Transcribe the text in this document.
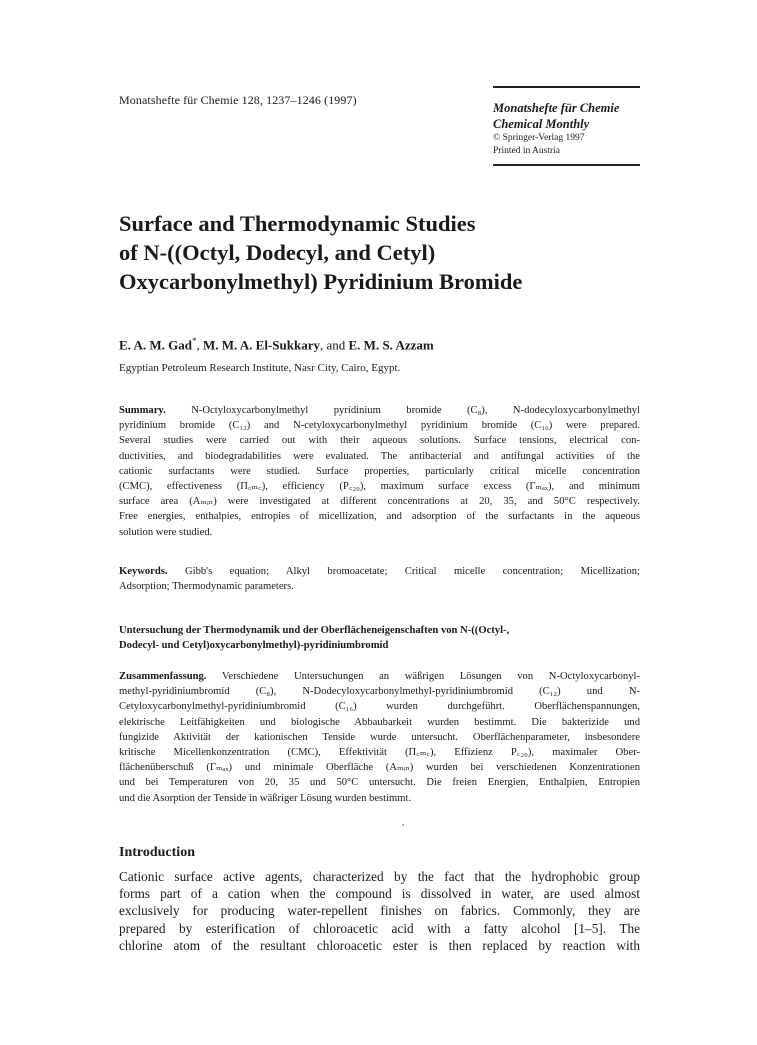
Monatshefte für Chemie 128, 1237–1246 (1997)
Monatshefte für Chemie
Chemical Monthly
© Springer-Verlag 1997
Printed in Austria
Surface and Thermodynamic Studies
of N-((Octyl, Dodecyl, and Cetyl)
Oxycarbonylmethyl) Pyridinium Bromide
E. A. M. Gad*, M. M. A. El-Sukkary, and E. M. S. Azzam
Egyptian Petroleum Research Institute, Nasr City, Cairo, Egypt.
Summary. N-Octyloxycarbonylmethyl pyridinium bromide (C₈), N-dodecyloxycarbonylmethyl
pyridinium bromide (C₁₂) and N-cetyloxycarbonylmethyl pyridinium bromide (C₁₆) were prepared.
Several studies were carried out with their aqueous solutions. Surface tensions, electrical con-
ductivities, and biodegradabilities were evaluated. The antibacterial and antifungal activities of the
cationic surfactants were studied. Surface properties, particularly critical micelle concentration
(CMC), effectiveness (Π꜀ₘ꜀), efficiency (P꜀₂₀), maximum surface excess (Γₘₐₓ), and minimum
surface area (Aₘᵢₙ) were investigated at different concentrations at 20, 35, and 50°C respectively.
Free energies, enthalpies, entropies of micellization, and adsorption of the surfactants in the aqueous
solution were studied.
Keywords. Gibb's equation; Alkyl bromoacetate; Critical micelle concentration; Micellization;
Adsorption; Thermodynamic parameters.
Untersuchung der Thermodynamik und der Oberflächeneigenschaften von N-((Octyl-,
Dodecyl- und Cetyl)oxycarbonylmethyl)-pyridiniumbromid
Zusammenfassung. Verschiedene Untersuchungen an wäßrigen Lösungen von N-Octyloxycarbonyl-
methyl-pyridiniumbromid (C₈), N-Dodecyloxycarbonylmethyl-pyridiniumbromid (C₁₂) und N-
Cetyloxycarbonylmethyl-pyridiniumbromid (C₁₆) wurden durchgeführt. Oberflächenspannungen,
elektrische Leitfähigkeiten und biologische Abbaubarkeit wurden bestimmt. Die bakterizide und
fungizide Aktivität der kationischen Tenside wurde untersucht. Oberflächenparameter, insbesondere
kritische Micellenkonzentration (CMC), Effektivität (Π꜀ₘ꜀), Effizienz P꜀₂₀), maximaler Ober-
flächenüberschuß (Γₘₐₓ) und minimale Oberfläche (Aₘᵢₙ) wurden bei verschiedenen Konzentrationen
und bei Temperaturen von 20, 35 und 50°C untersucht. Die freien Energien, Enthalpien, Entropien
und die Asorption der Tenside in wäßriger Lösung wurden bestimmt.
Introduction
Cationic surface active agents, characterized by the fact that the hydrophobic group
forms part of a cation when the compound is dissolved in water, are used almost
exclusively for producing water-repellent finishes on fabrics. Commonly, they are
prepared by esterification of chloroacetic acid with a fatty alcohol [1–5]. The
chlorine atom of the resultant chloroacetic ester is then replaced by reaction with
